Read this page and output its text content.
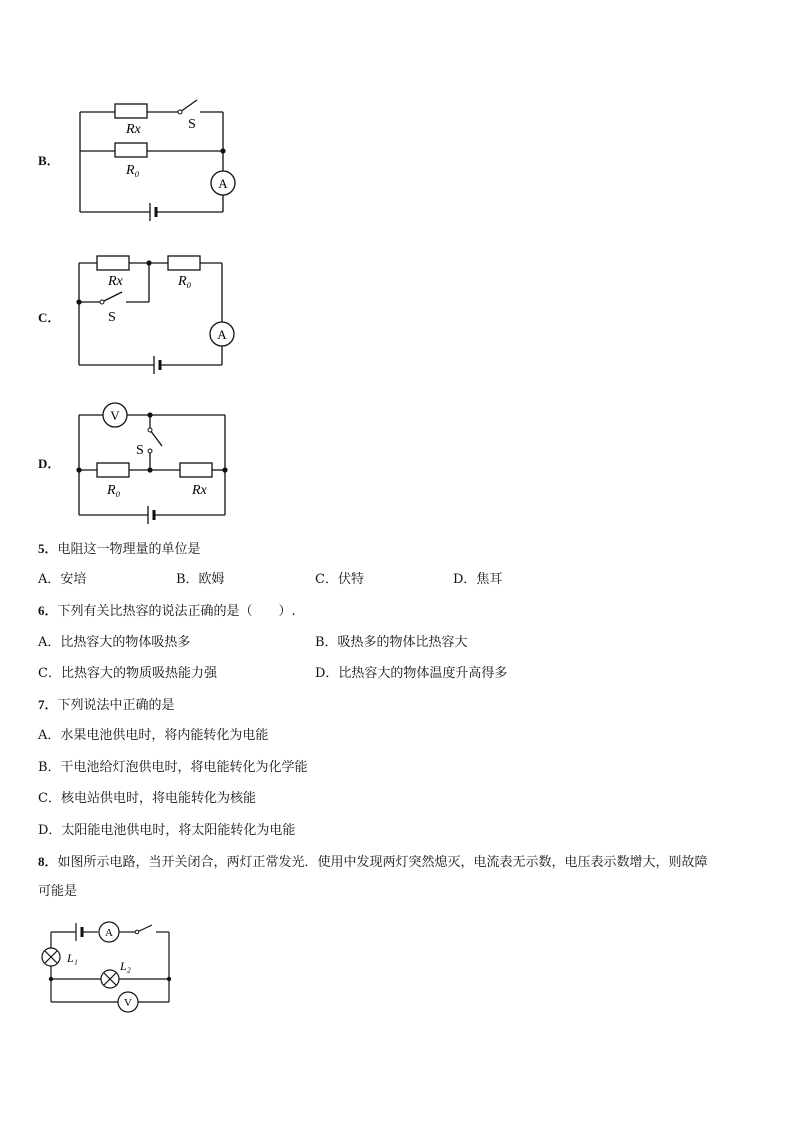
B．
Rx
R₀
S
A
C．
Rx	R₀
S
A
D．
V
S
R₀	Rx
5．电阻这一物理量的单位是
A．安培	B．欧姆	C．伏特	D．焦耳
6．下列有关比热容的说法正确的是（　　）.
A．比热容大的物体吸热多	B．吸热多的物体比热容大
C．比热容大的物质吸热能力强	D．比热容大的物体温度升高得多
7．下列说法中正确的是
A．水果电池供电时，将内能转化为电能
B．干电池给灯泡供电时，将电能转化为化学能
C．核电站供电时，将电能转化为核能
D．太阳能电池供电时，将太阳能转化为电能
8．如图所示电路，当开关闭合，两灯正常发光．使用中发现两灯突然熄灭，电流表无示数，电压表示数增大，则故障
可能是
A
V
L₁
L₂
